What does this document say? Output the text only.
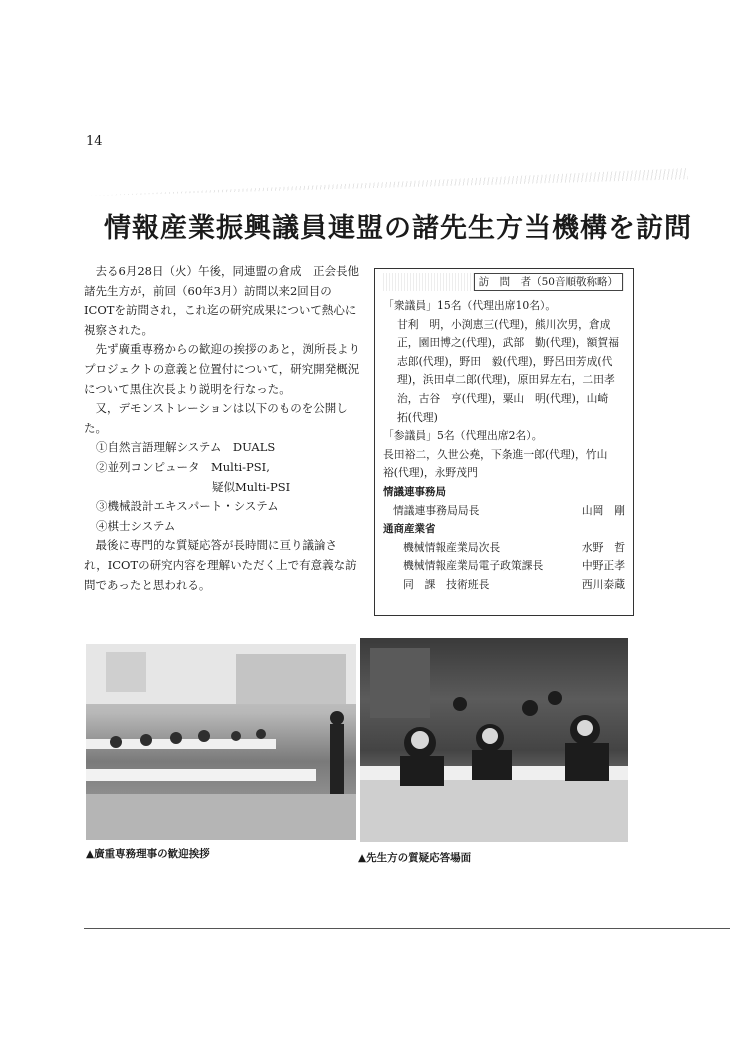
14
情報産業振興議員連盟の諸先生方当機構を訪問

去る6月28日（火）午後，同連盟の倉成　正会長他諸先生方が，前回（60年3月）訪問以来2回目のICOTを訪問され，これ迄の研究成果について熱心に視察された。

先ず廣重専務からの歓迎の挨拶のあと，渕所長よりプロジェクトの意義と位置付について，研究開発概況について黒住次長より説明を行なった。

又，デモンストレーションは以下のものを公開した。

①自然言語理解システム　DUALS

②並列コンピュータ　Multi-PSI,

疑似Multi-PSI

③機械設計エキスパート・システム

④棋士システム

最後に専門的な質疑応答が長時間に亘り議論され，ICOTの研究内容を理解いただく上で有意義な訪問であったと思われる。

訪　問　者（50音順敬称略）
「衆議員」15名（代理出席10名）。
甘利　明，小渕恵三(代理)，熊川次男，倉成　正，園田博之(代理)，武部　勤(代理)，額賀福志郎(代理)，野田　毅(代理)，野呂田芳成(代理)，浜田卓二郎(代理)，原田昇左右，二田孝治，古谷　亨(代理)，粟山　明(代理)，山崎　拓(代理)
「参議員」5名（代理出席2名）。
長田裕二，久世公堯，下条進一郎(代理)，竹山　裕(代理)，永野茂門
情議連事務局
情議連事務局局長	山岡　剛
通商産業省
機械情報産業局次長	水野　哲
機械情報産業局電子政策課長	中野正孝
同　課　技術班長	西川泰蔵
▲廣重専務理事の歓迎挨拶	▲先生方の質疑応答場面
